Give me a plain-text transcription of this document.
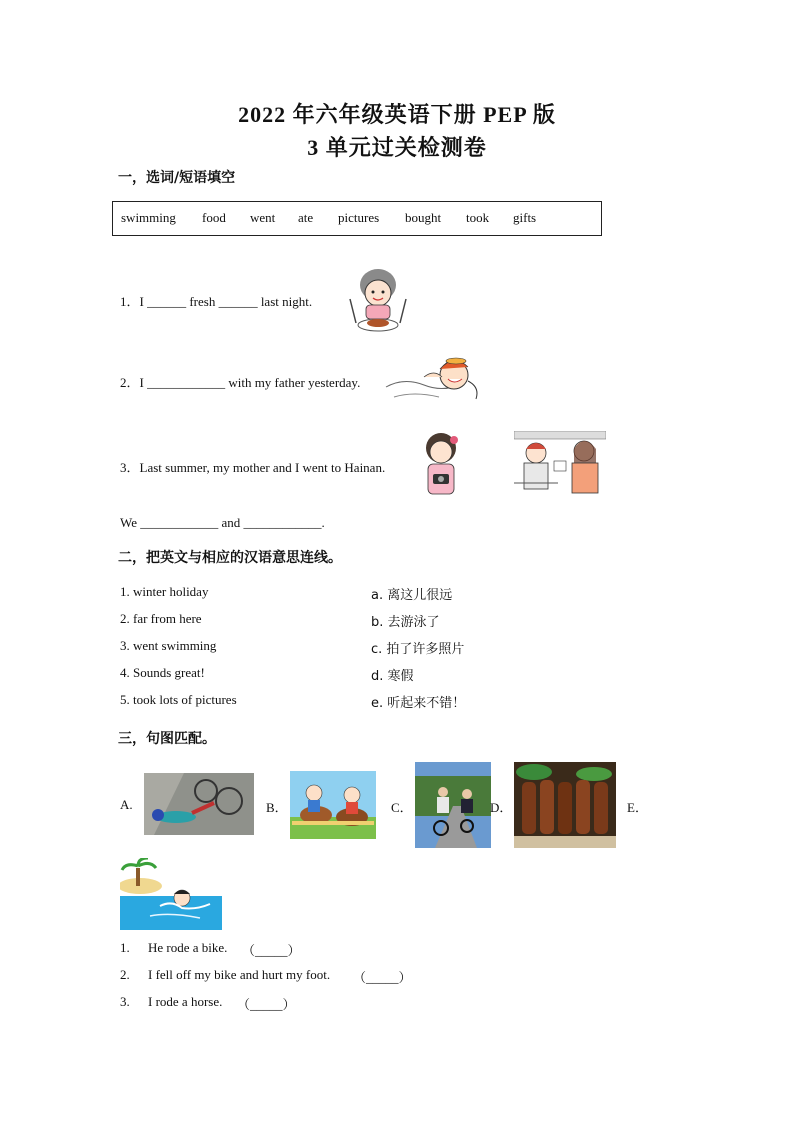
2022 年六年级英语下册 PEP 版
3 单元过关检测卷
一，选词/短语填空
swimming food went ate pictures bought took gifts
1．I ______ fresh ______ last night.
2．I ____________ with my father yesterday.
3．Last summer, my mother and I went to Hainan.
We ____________ and ____________.
二，把英文与相应的汉语意思连线。
1. winter holiday
2. far from here
3. went swimming
4. Sounds great!
5. took lots of pictures
a. 离这儿很远
b. 去游泳了
c. 拍了许多照片
d. 寒假
e. 听起来不错！
三，句图匹配。
A.	B．	C．	D．	E．
1. He rode a bike. （_____）
2. I fell off my bike and hurt my foot. （_____）
3. I rode a horse. （_____）
